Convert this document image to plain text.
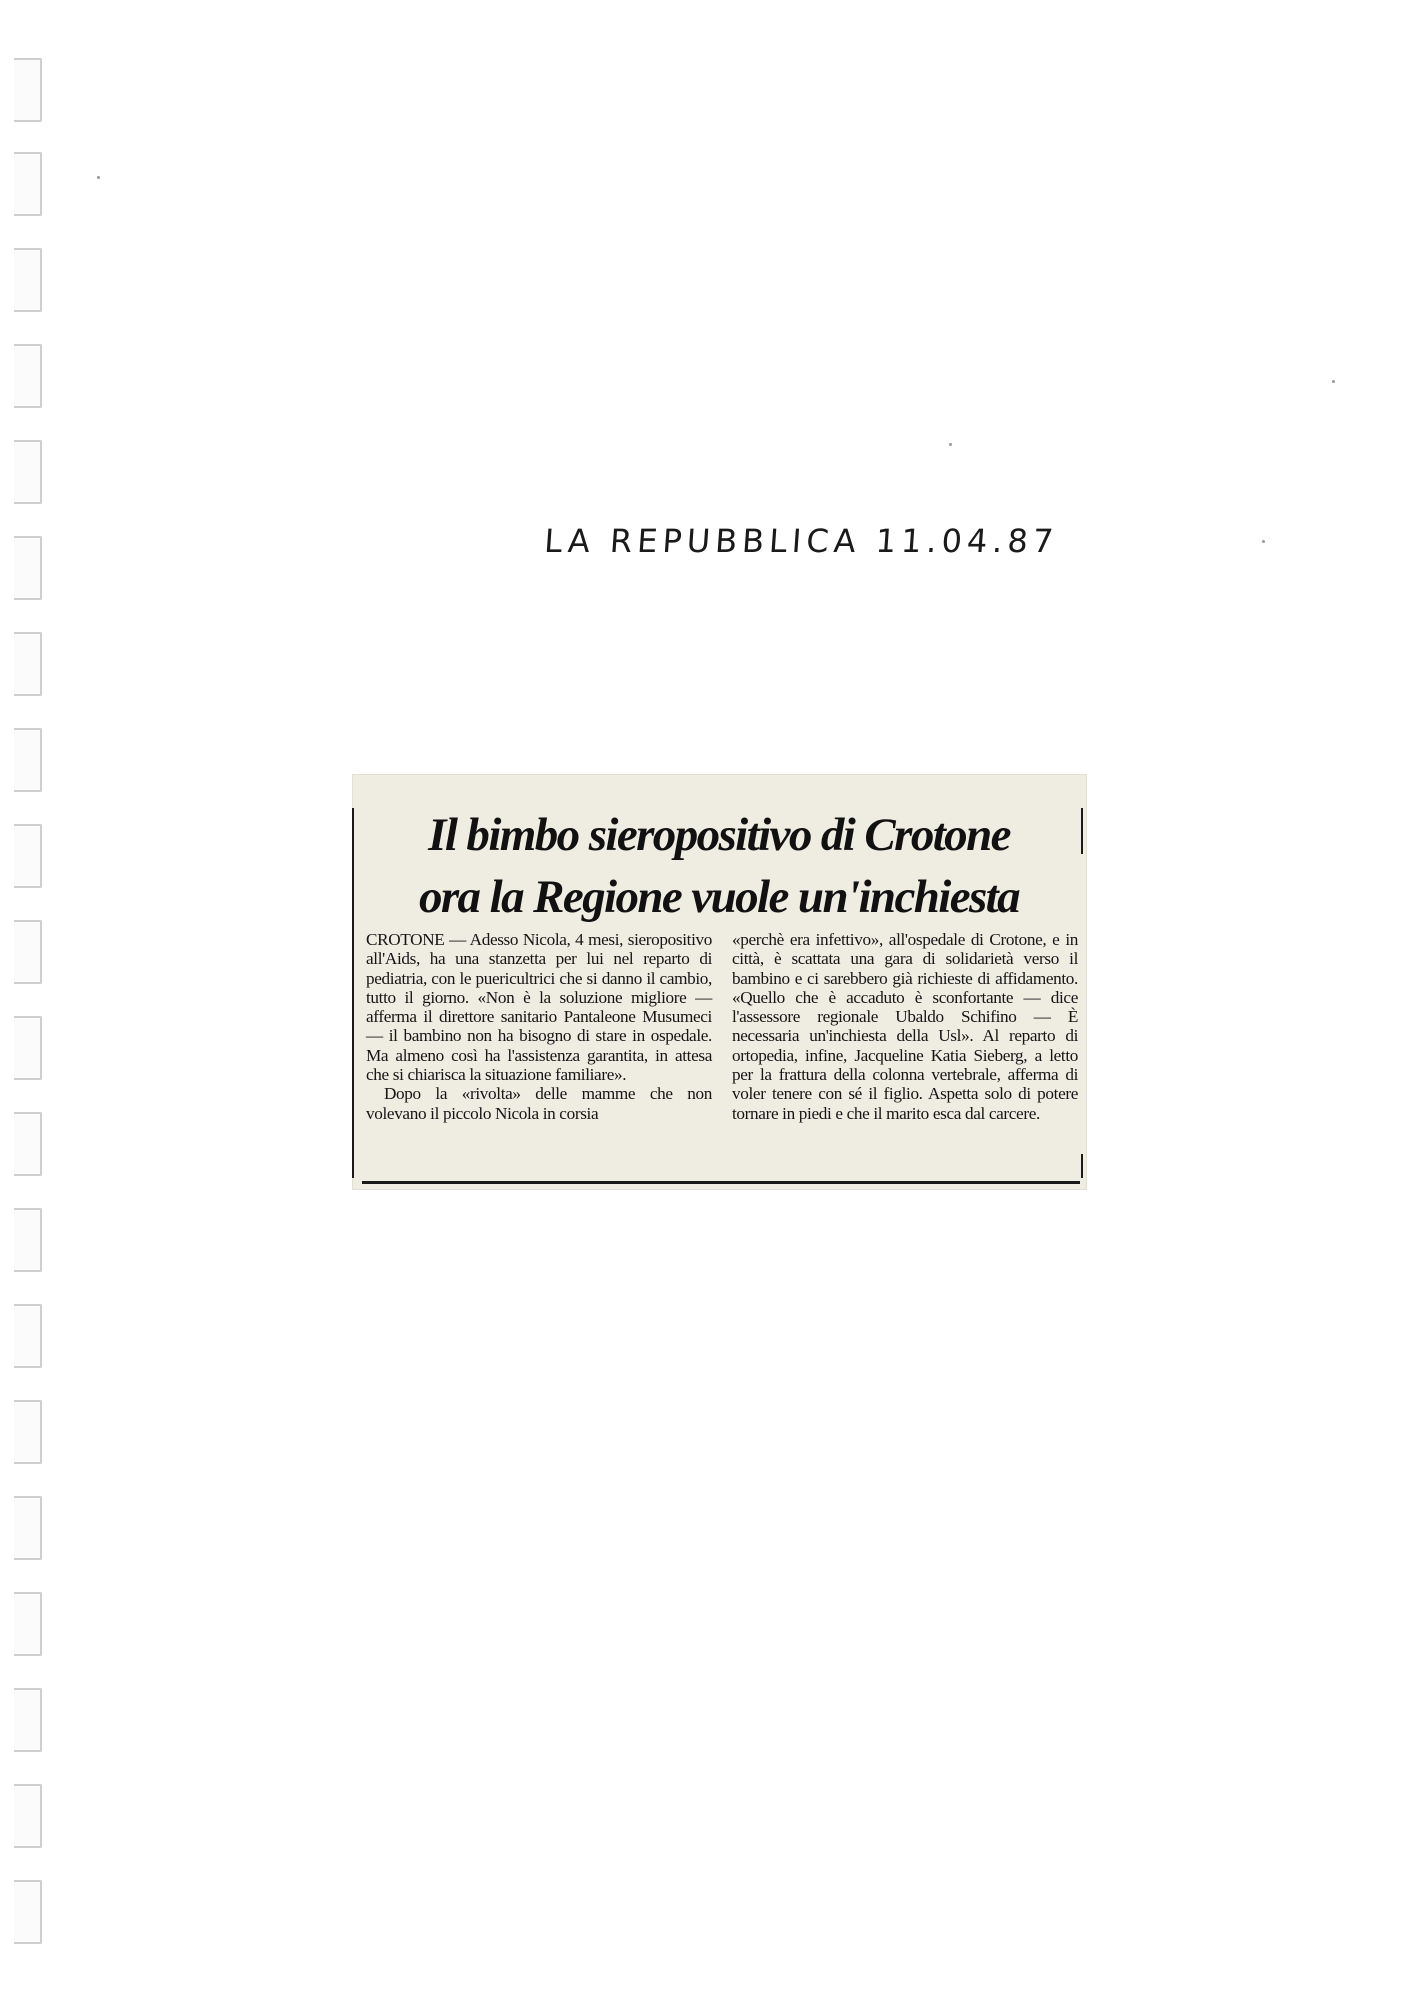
LA REPUBBLICA 11.04.87
Il bimbo sieropositivo di Crotone
ora la Regione vuole un'inchiesta

CROTONE — Adesso Nicola, 4 mesi, sieropositivo all'Aids, ha una stanzetta per lui nel reparto di pediatria, con le puericultrici che si danno il cambio, tutto il giorno. «Non è la soluzione migliore — afferma il direttore sanitario Pantaleone Musumeci — il bambino non ha bisogno di stare in ospedale. Ma almeno così ha l'assistenza garantita, in attesa che si chiarisca la situazione familiare».

Dopo la «rivolta» delle mamme che non volevano il piccolo Nicola in corsia

«perchè era infettivo», all'ospedale di Crotone, e in città, è scattata una gara di solidarietà verso il bambino e ci sarebbero già richieste di affidamento. «Quello che è accaduto è sconfortante — dice l'assessore regionale Ubaldo Schifino — È necessaria un'inchiesta della Usl». Al reparto di ortopedia, infine, Jacqueline Katia Sieberg, a letto per la frattura della colonna vertebrale, afferma di voler tenere con sé il figlio. Aspetta solo di potere tornare in piedi e che il marito esca dal carcere.
